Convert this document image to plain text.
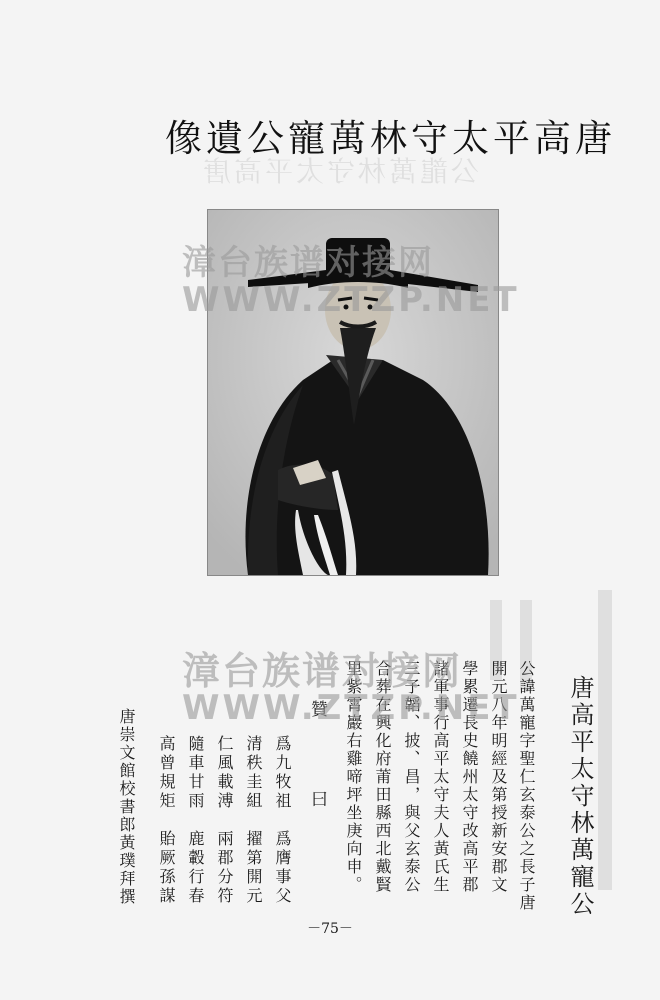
公龍萬林守太平高唐
唐高平太守林萬寵公遺像
漳台族谱对接网
WWW.ZTZP.NET
唐高平太守林萬寵公
公諱萬寵字聖仁玄泰公之長子唐
開元八年明經及第授新安郡文
學累遷長史饒州太守改高平郡
諸軍事行高平太守夫人黃氏生
三子韜、披、昌，與父玄泰公
合葬在興化府莆田縣西北戴賢
里紫霄巖右雞啼坪坐庚向申。
贊　曰
爲九牧祖　爲膺事父
清秩圭組　擢第開元
仁風載溥　兩郡分符
隨車甘雨　鹿轂行春
高曾規矩　貽厥孫謀
唐崇文館校書郎黃璞拜撰
漳台族谱对接网
WWW.ZTZP.NET
－75－
